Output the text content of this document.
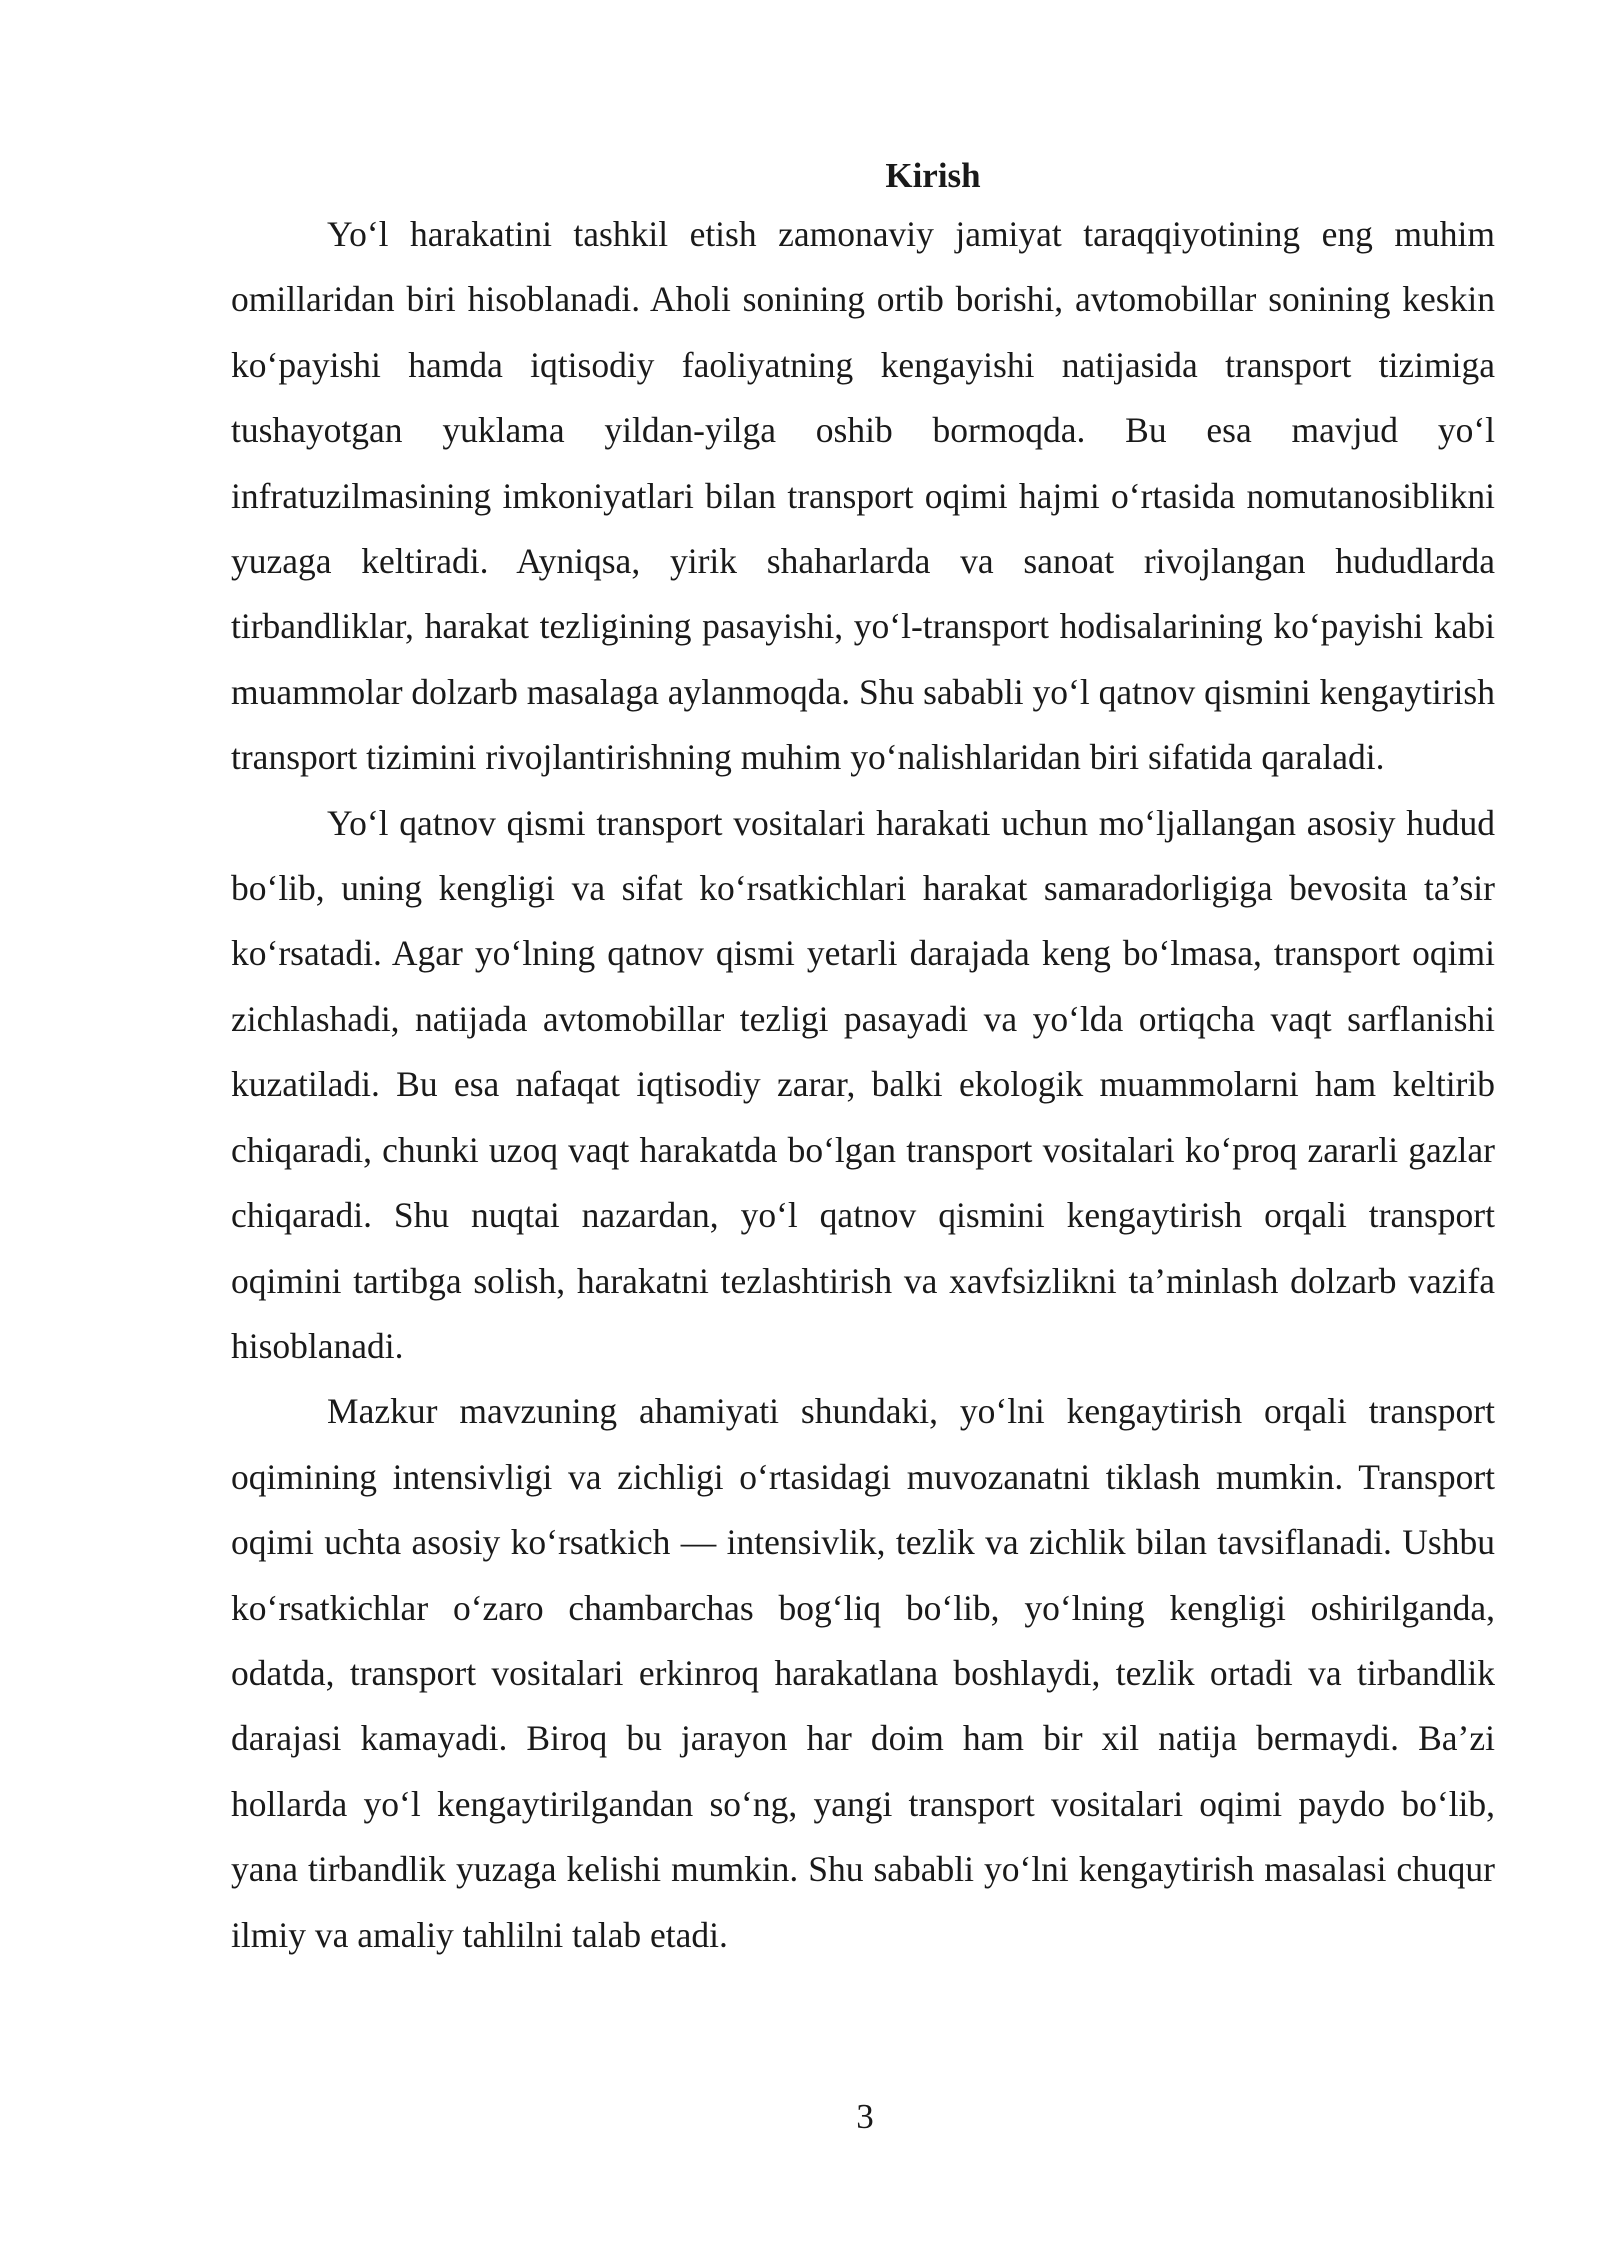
Kirish

Yo‘l harakatini tashkil etish zamonaviy jamiyat taraqqiyotining eng muhim omillaridan biri hisoblanadi. Aholi sonining ortib borishi, avtomobillar sonining keskin ko‘payishi hamda iqtisodiy faoliyatning kengayishi natijasida transport tizimiga tushayotgan yuklama yildan-yilga oshib bormoqda. Bu esa mavjud yo‘l infratuzilmasining imkoniyatlari bilan transport oqimi hajmi o‘rtasida nomutanosiblikni yuzaga keltiradi. Ayniqsa, yirik shaharlarda va sanoat rivojlangan hududlarda tirbandliklar, harakat tezligining pasayishi, yo‘l-transport hodisalarining ko‘payishi kabi muammolar dolzarb masalaga aylanmoqda. Shu sababli yo‘l qatnov qismini kengaytirish transport tizimini rivojlantirishning muhim yo‘nalishlaridan biri sifatida qaraladi.

Yo‘l qatnov qismi transport vositalari harakati uchun mo‘ljallangan asosiy hudud bo‘lib, uning kengligi va sifat ko‘rsatkichlari harakat samaradorligiga bevosita ta’sir ko‘rsatadi. Agar yo‘lning qatnov qismi yetarli darajada keng bo‘lmasa, transport oqimi zichlashadi, natijada avtomobillar tezligi pasayadi va yo‘lda ortiqcha vaqt sarflanishi kuzatiladi. Bu esa nafaqat iqtisodiy zarar, balki ekologik muammolarni ham keltirib chiqaradi, chunki uzoq vaqt harakatda bo‘lgan transport vositalari ko‘proq zararli gazlar chiqaradi. Shu nuqtai nazardan, yo‘l qatnov qismini kengaytirish orqali transport oqimini tartibga solish, harakatni tezlashtirish va xavfsizlikni ta’minlash dolzarb vazifa hisoblanadi.

Mazkur mavzuning ahamiyati shundaki, yo‘lni kengaytirish orqali transport oqimining intensivligi va zichligi o‘rtasidagi muvozanatni tiklash mumkin. Transport oqimi uchta asosiy ko‘rsatkich — intensivlik, tezlik va zichlik bilan tavsiflanadi. Ushbu ko‘rsatkichlar o‘zaro chambarchas bog‘liq bo‘lib, yo‘lning kengligi oshirilganda, odatda, transport vositalari erkinroq harakatlana boshlaydi, tezlik ortadi va tirbandlik darajasi kamayadi. Biroq bu jarayon har doim ham bir xil natija bermaydi. Ba’zi hollarda yo‘l kengaytirilgandan so‘ng, yangi transport vositalari oqimi paydo bo‘lib, yana tirbandlik yuzaga kelishi mumkin. Shu sababli yo‘lni kengaytirish masalasi chuqur ilmiy va amaliy tahlilni talab etadi.

3
